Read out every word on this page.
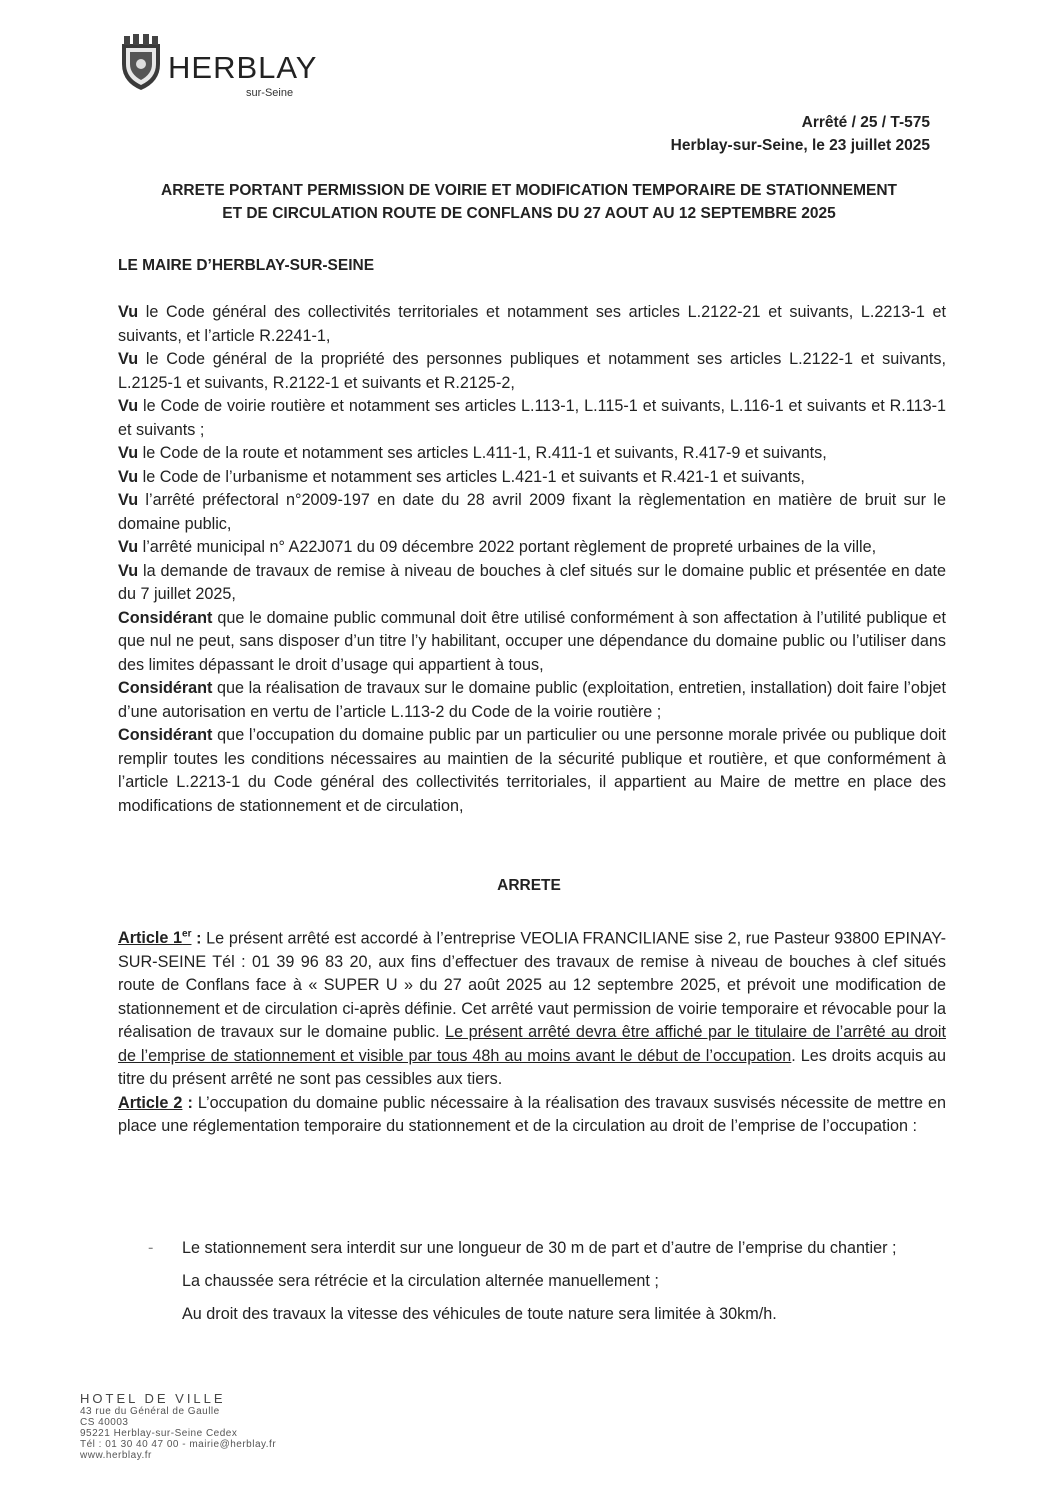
HERBLAY
sur-Seine
Arrêté / 25 / T-575
Herblay-sur-Seine, le 23 juillet 2025
ARRETE PORTANT PERMISSION DE VOIRIE ET MODIFICATION TEMPORAIRE DE STATIONNEMENT
ET DE CIRCULATION ROUTE DE CONFLANS DU 27 AOUT AU 12 SEPTEMBRE 2025
LE MAIRE D’HERBLAY-SUR-SEINE

Vu le Code général des collectivités territoriales et notamment ses articles L.2122-21 et suivants, L.2213-1 et suivants, et l’article R.2241-1,

Vu le Code général de la propriété des personnes publiques et notamment ses articles L.2122-1 et suivants, L.2125-1 et suivants, R.2122-1 et suivants et R.2125-2,

Vu le Code de voirie routière et notamment ses articles L.113-1, L.115-1 et suivants, L.116-1 et suivants et R.113-1 et suivants ;

Vu le Code de la route et notamment ses articles L.411-1, R.411-1 et suivants, R.417-9 et suivants,

Vu le Code de l’urbanisme et notamment ses articles L.421-1 et suivants et R.421-1 et suivants,

Vu l’arrêté préfectoral n°2009-197 en date du 28 avril 2009 fixant la règlementation en matière de bruit sur le domaine public,

Vu l’arrêté municipal n° A22J071 du 09 décembre 2022 portant règlement de propreté urbaines de la ville,

Vu la demande de travaux de remise à niveau de bouches à clef situés sur le domaine public et présentée en date du 7 juillet 2025,

Considérant que le domaine public communal doit être utilisé conformément à son affectation à l’utilité publique et que nul ne peut, sans disposer d’un titre l’y habilitant, occuper une dépendance du domaine public ou l’utiliser dans des limites dépassant le droit d’usage qui appartient à tous,

Considérant que la réalisation de travaux sur le domaine public (exploitation, entretien, installation) doit faire l’objet d’une autorisation en vertu de l’article L.113-2 du Code de la voirie routière ;

Considérant que l’occupation du domaine public par un particulier ou une personne morale privée ou publique doit remplir toutes les conditions nécessaires au maintien de la sécurité publique et routière, et que conformément à l’article L.2213-1 du Code général des collectivités territoriales, il appartient au Maire de mettre en place des modifications de stationnement et de circulation,

ARRETE

Article 1er : Le présent arrêté est accordé à l’entreprise VEOLIA FRANCILIANE sise 2, rue Pasteur 93800 EPINAY-SUR-SEINE Tél : 01 39 96 83 20, aux fins d’effectuer des travaux de remise à niveau de bouches à clef situés route de Conflans face à « SUPER U » du 27 août 2025 au 12 septembre 2025, et prévoit une modification de stationnement et de circulation ci-après définie. Cet arrêté vaut permission de voirie temporaire et révocable pour la réalisation de travaux sur le domaine public. Le présent arrêté devra être affiché par le titulaire de l’arrêté au droit de l’emprise de stationnement et visible par tous 48h au moins avant le début de l’occupation. Les droits acquis au titre du présent arrêté ne sont pas cessibles aux tiers.

Article 2 : L’occupation du domaine public nécessaire à la réalisation des travaux susvisés nécessite de mettre en place une réglementation temporaire du stationnement et de la circulation au droit de l’emprise de l’occupation :

- Le stationnement sera interdit sur une longueur de 30 m de part et d’autre de l’emprise du chantier ;
La chaussée sera rétrécie et la circulation alternée manuellement ;
Au droit des travaux la vitesse des véhicules de toute nature sera limitée à 30km/h.
HOTEL DE VILLE
43 rue du Général de Gaulle
CS 40003
95221 Herblay-sur-Seine Cedex
Tél : 01 30 40 47 00 - mairie@herblay.fr
www.herblay.fr
